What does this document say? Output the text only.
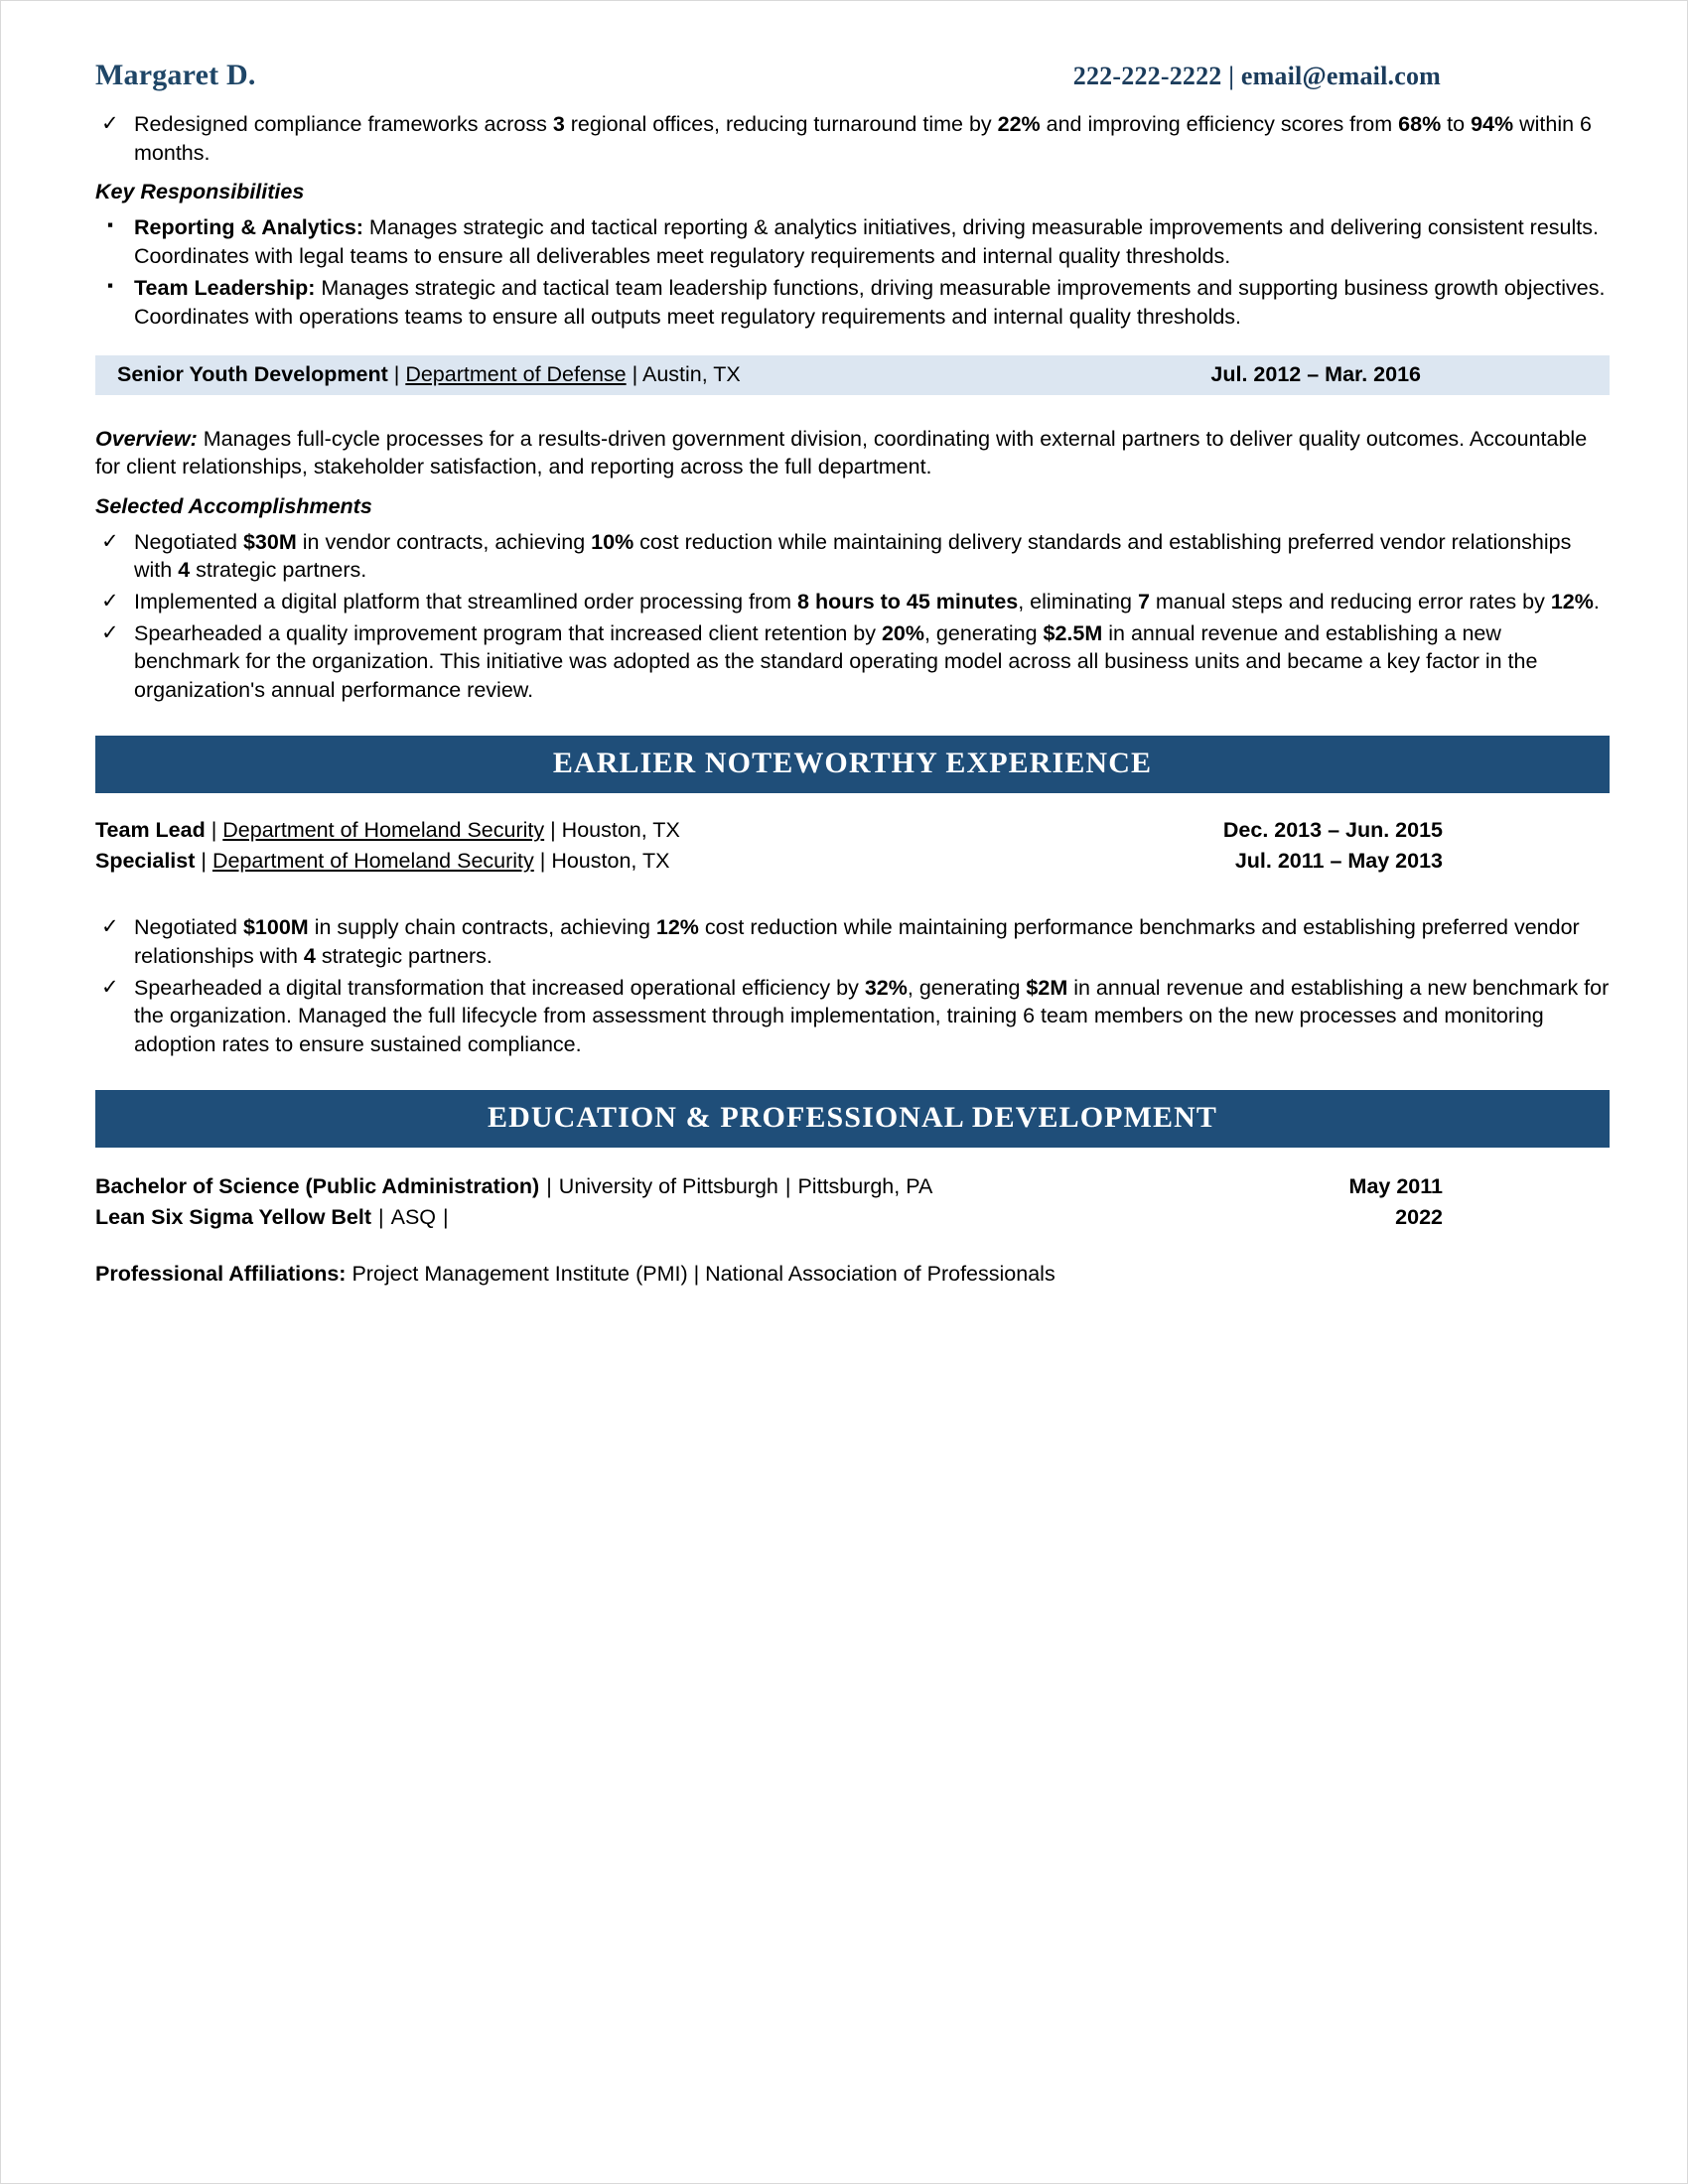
Margaret D.	222-222-2222 | email@email.com
✓ Redesigned compliance frameworks across 3 regional offices, reducing turnaround time by 22% and improving efficiency scores from 68% to 94% within 6 months.
Key Responsibilities
▪ Reporting & Analytics: Manages strategic and tactical reporting & analytics initiatives, driving measurable improvements and delivering consistent results. Coordinates with legal teams to ensure all deliverables meet regulatory requirements and internal quality thresholds.
▪ Team Leadership: Manages strategic and tactical team leadership functions, driving measurable improvements and supporting business growth objectives. Coordinates with operations teams to ensure all outputs meet regulatory requirements and internal quality thresholds.
Senior Youth Development | Department of Defense | Austin, TX	Jul. 2012 – Mar. 2016
Overview: Manages full-cycle processes for a results-driven government division, coordinating with external partners to deliver quality outcomes. Accountable for client relationships, stakeholder satisfaction, and reporting across the full department.
Selected Accomplishments
✓ Negotiated $30M in vendor contracts, achieving 10% cost reduction while maintaining delivery standards and establishing preferred vendor relationships with 4 strategic partners.
✓ Implemented a digital platform that streamlined order processing from 8 hours to 45 minutes, eliminating 7 manual steps and reducing error rates by 12%.
✓ Spearheaded a quality improvement program that increased client retention by 20%, generating $2.5M in annual revenue and establishing a new benchmark for the organization. This initiative was adopted as the standard operating model across all business units and became a key factor in the organization's annual performance review.
EARLIER NOTEWORTHY EXPERIENCE
Team Lead | Department of Homeland Security | Houston, TX	Dec. 2013 – Jun. 2015
Specialist | Department of Homeland Security | Houston, TX	Jul. 2011 – May 2013
✓ Negotiated $100M in supply chain contracts, achieving 12% cost reduction while maintaining performance benchmarks and establishing preferred vendor relationships with 4 strategic partners.
✓ Spearheaded a digital transformation that increased operational efficiency by 32%, generating $2M in annual revenue and establishing a new benchmark for the organization. Managed the full lifecycle from assessment through implementation, training 6 team members on the new processes and monitoring adoption rates to ensure sustained compliance.
EDUCATION & PROFESSIONAL DEVELOPMENT
Bachelor of Science (Public Administration) | University of Pittsburgh | Pittsburgh, PA	May 2011
Lean Six Sigma Yellow Belt | ASQ |	2022
Professional Affiliations: Project Management Institute (PMI) | National Association of Professionals
